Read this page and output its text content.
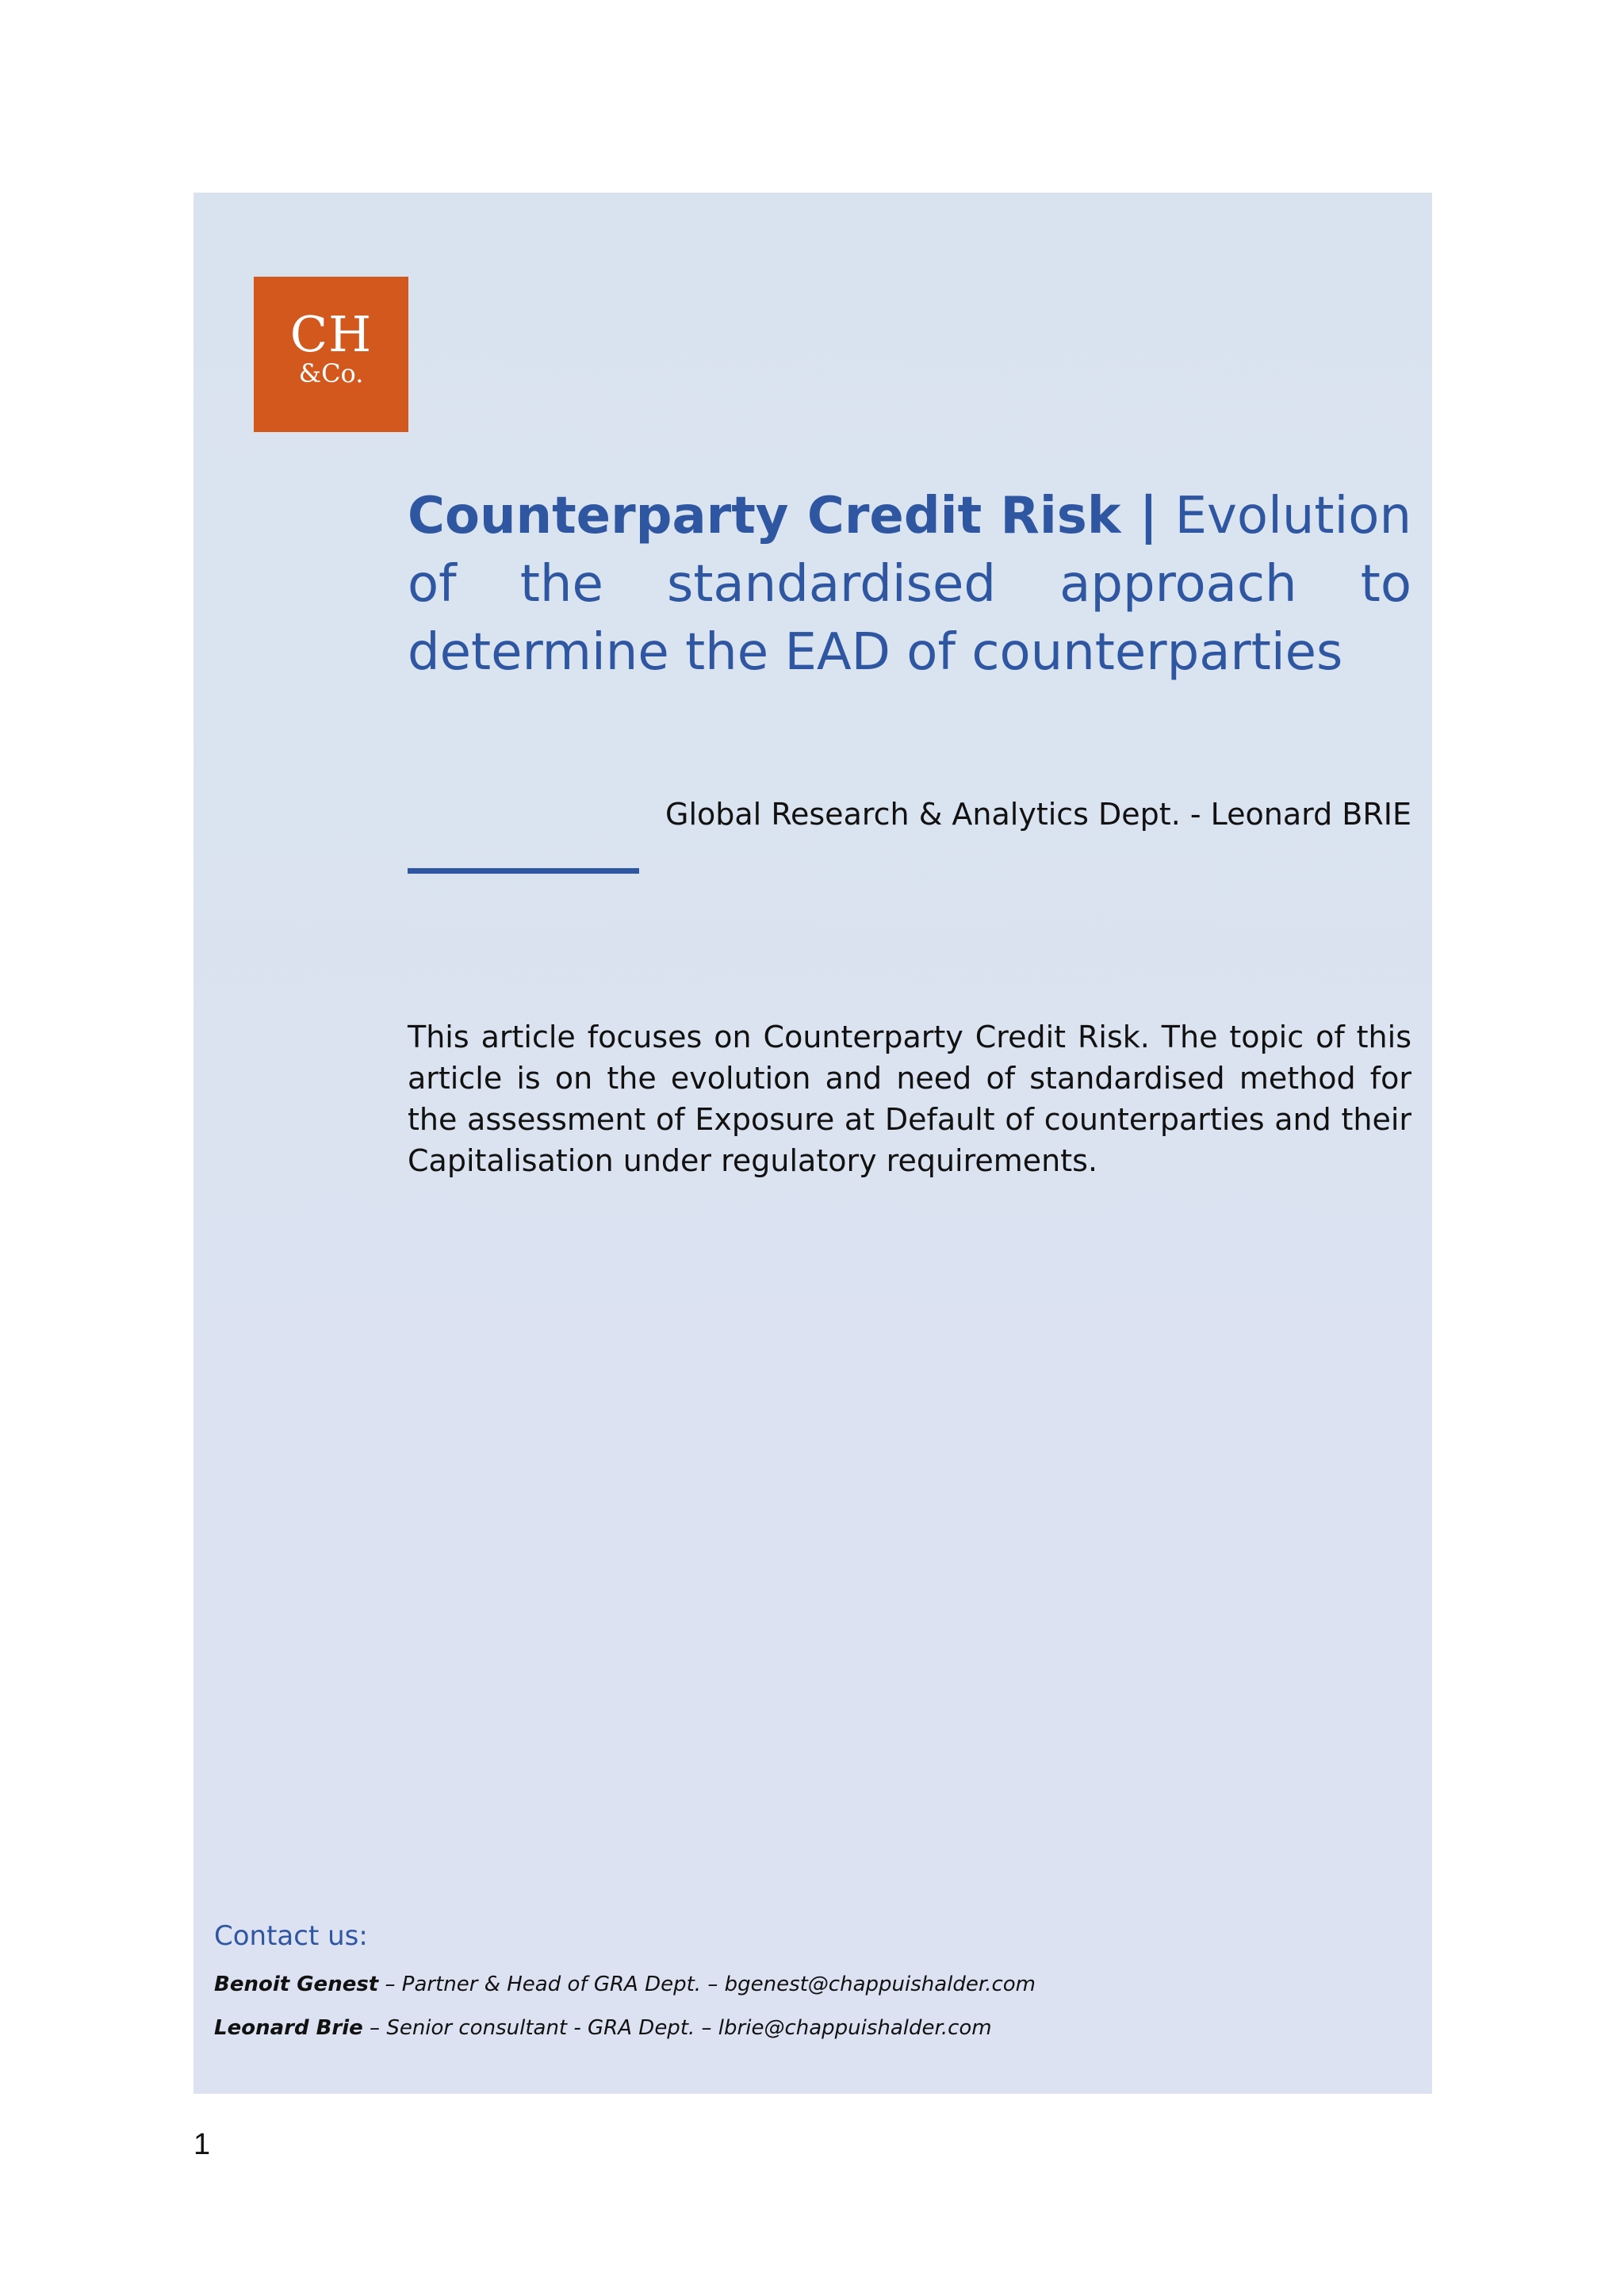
CH
&Co.
Counterparty Credit Risk | Evolution of the standardised approach to determine the EAD of counterparties
Global Research & Analytics Dept. - Leonard BRIE

This article focuses on Counterparty Credit Risk. The topic of this article is on the evolution and need of standardised method for the assessment of Exposure at Default of counterparties and their Capitalisation under regulatory requirements.

Contact us:
Benoit Genest – Partner & Head of GRA Dept. – bgenest@chappuishalder.com
Leonard Brie – Senior consultant - GRA Dept. – lbrie@chappuishalder.com
1
